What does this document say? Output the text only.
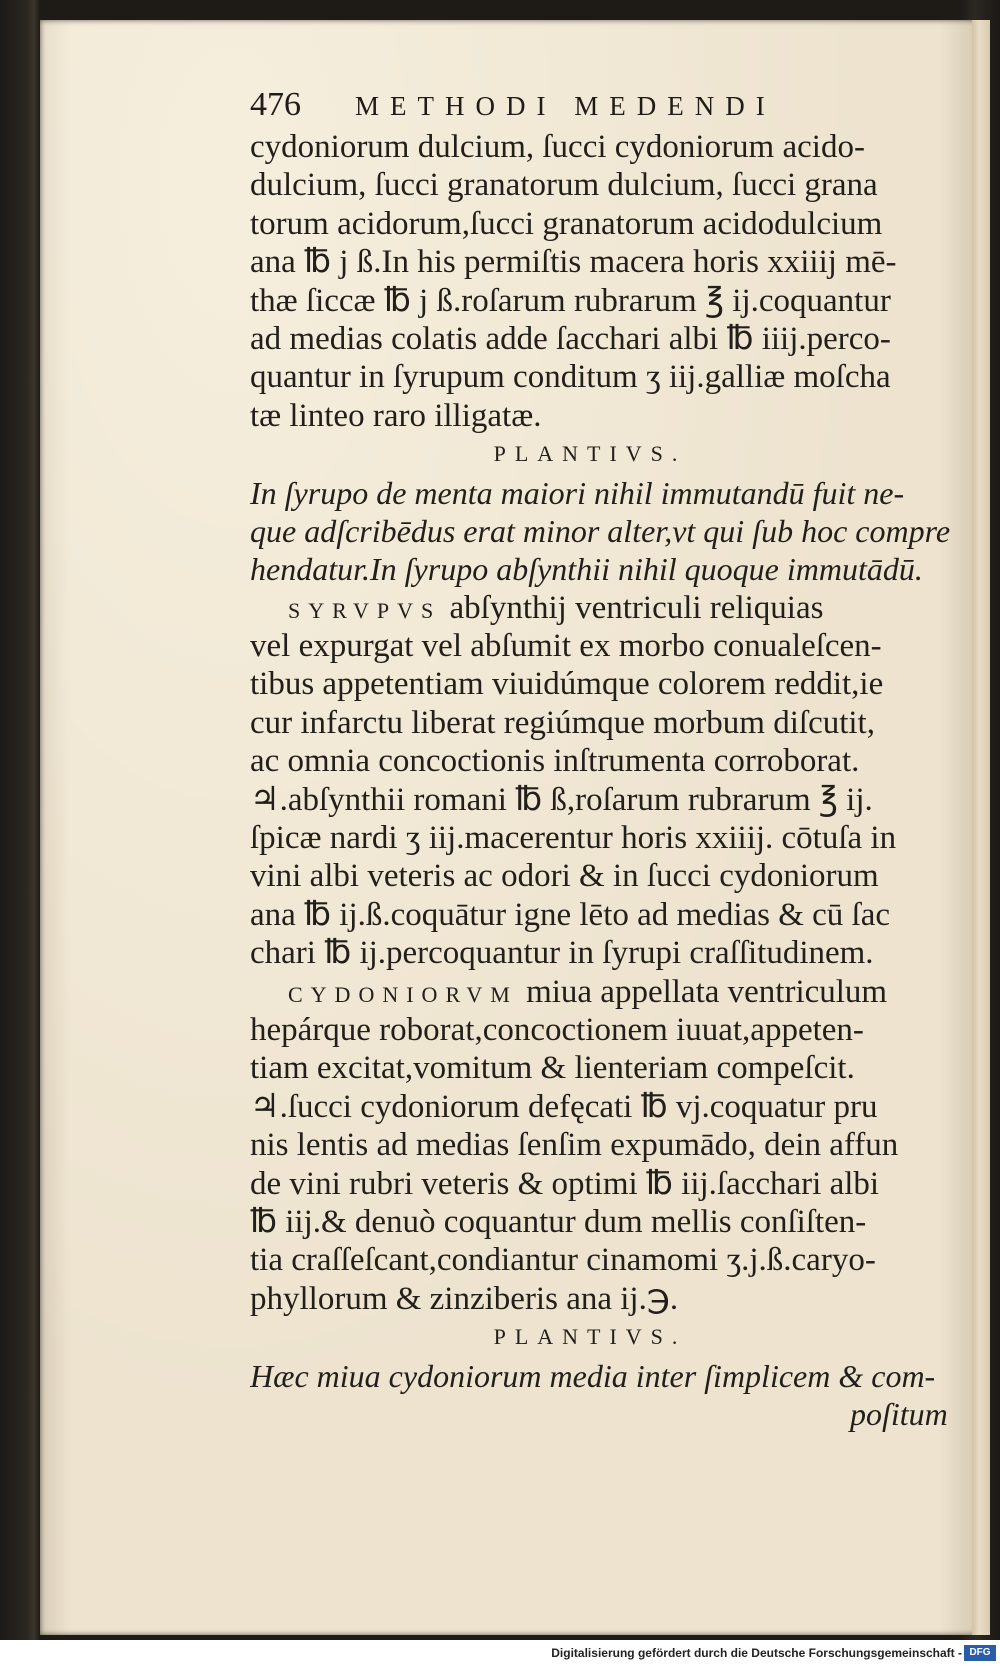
476	METHODI MEDENDI
cydoniorum dulcium, ſucci cydoniorum acido-
dulcium, ſucci granatorum dulcium, ſucci grana
torum acidorum,ſucci granatorum acidodulcium
ana ℔ j ß.In his permiſtis macera horis xxiiij mē-
thæ ſiccæ ℔ j ß.roſarum rubrarum ℥ ij.coquantur
ad medias colatis adde ſacchari albi ℔ iiij.perco-
quantur in ſyrupum conditum ʒ iij.galliæ moſcha
tæ linteo raro illigatæ.
PLANTIVS.
In ſyrupo de menta maiori nihil immutandū fuit ne-
que adſcribēdus erat minor alter,vt qui ſub hoc compre
hendatur.In ſyrupo abſynthii nihil quoque immutādū.
SYRVPVS abſynthij ventriculi reliquias
vel expurgat vel abſumit ex morbo conualeſcen-
tibus appetentiam viuidúmque colorem reddit,ie
cur infarctu liberat regiúmque morbum diſcutit,
ac omnia concoctionis inſtrumenta corroborat.
♃.abſynthii romani ℔ ß,roſarum rubrarum ℥ ij.
ſpicæ nardi ʒ iij.macerentur horis xxiiij. cōtuſa in
vini albi veteris ac odori & in ſucci cydoniorum
ana ℔ ij.ß.coquātur igne lēto ad medias & cū ſac
chari ℔ ij.percoquantur in ſyrupi craſſitudinem.
CYDONIORVM miua appellata ventriculum
hepárque roborat,concoctionem iuuat,appeten-
tiam excitat,vomitum & lienteriam compeſcit.
♃.ſucci cydoniorum defęcati ℔ vj.coquatur pru
nis lentis ad medias ſenſim expumādo, dein affun
de vini rubri veteris & optimi ℔ iij.ſacchari albi
℔ iij.& denuò coquantur dum mellis conſiſten-
tia craſſeſcant,condiantur cinamomi ʒ.j.ß.caryo-
phyllorum & zinziberis ana ij.℈.
PLANTIVS.
Hæc miua cydoniorum media inter ſimplicem & com-
poſitum
Digitalisierung gefördert durch die Deutsche Forschungsgemeinschaft - DFG
